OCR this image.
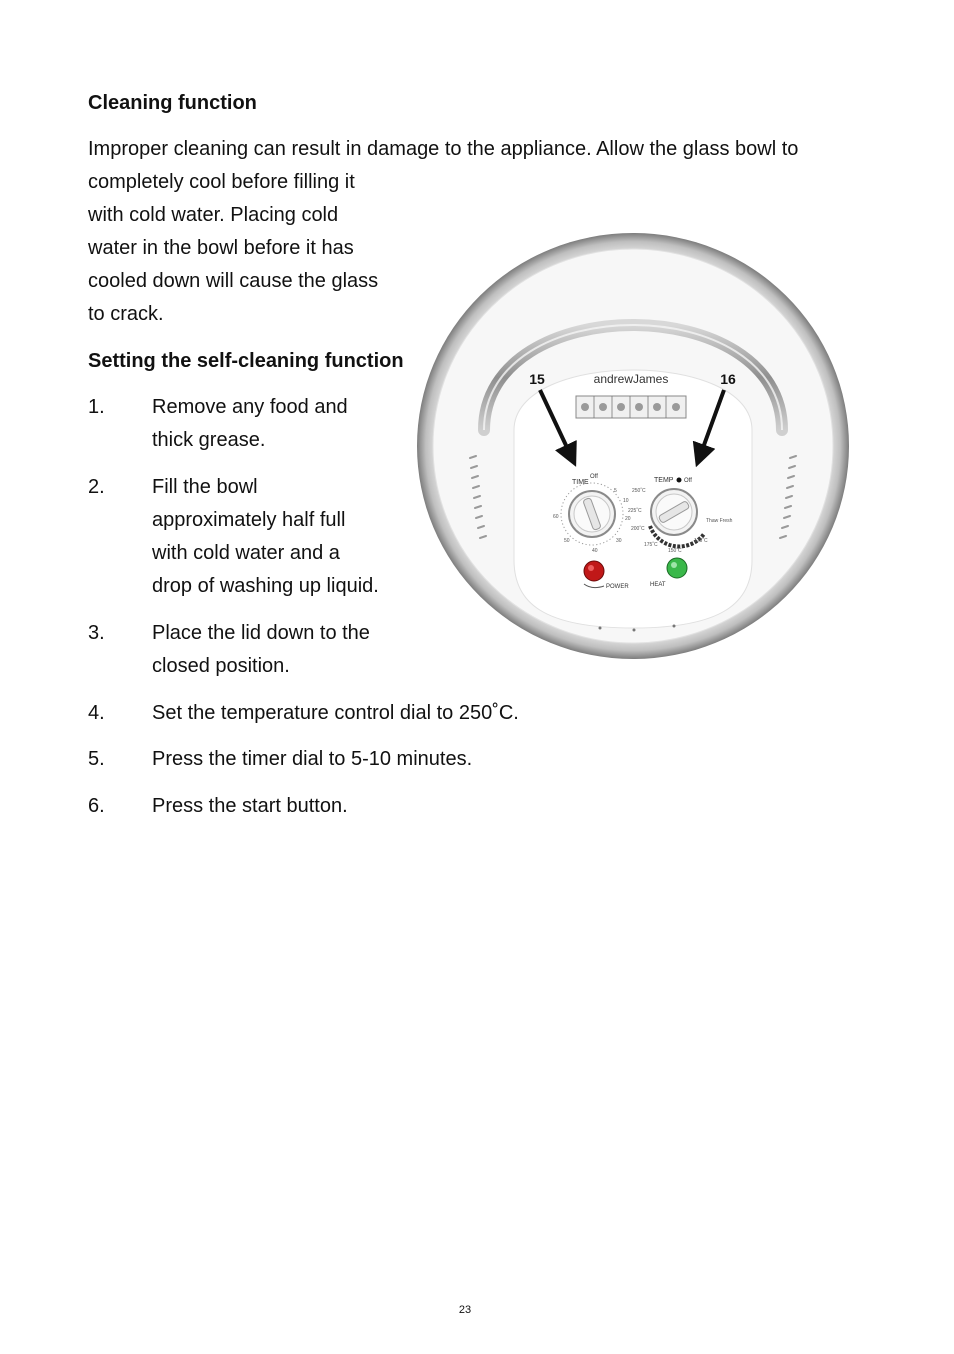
Cleaning function
Improper cleaning can result in damage to the appliance. Allow the glass bowl to
completely cool before filling it
with cold water. Placing cold
water in the bowl before it has
cooled down will cause the glass
to crack.
Setting the self-cleaning function
1. Remove any food and
thick grease.
2. Fill the bowl
approximately half full
with cold water and a
drop of washing up liquid.
3. Place the lid down to the
closed position.
4. Set the temperature control dial to 250˚C.
5. Press the timer dial to 5-10 minutes.
6. Press the start button.
andrewJames
15	16
TIME
Off
5
10
20
30
40
50
60
TEMP Off
250˚C
225˚C
200˚C
175˚C
150˚C
125˚C
Thaw Fresh
POWER	HEAT
23
